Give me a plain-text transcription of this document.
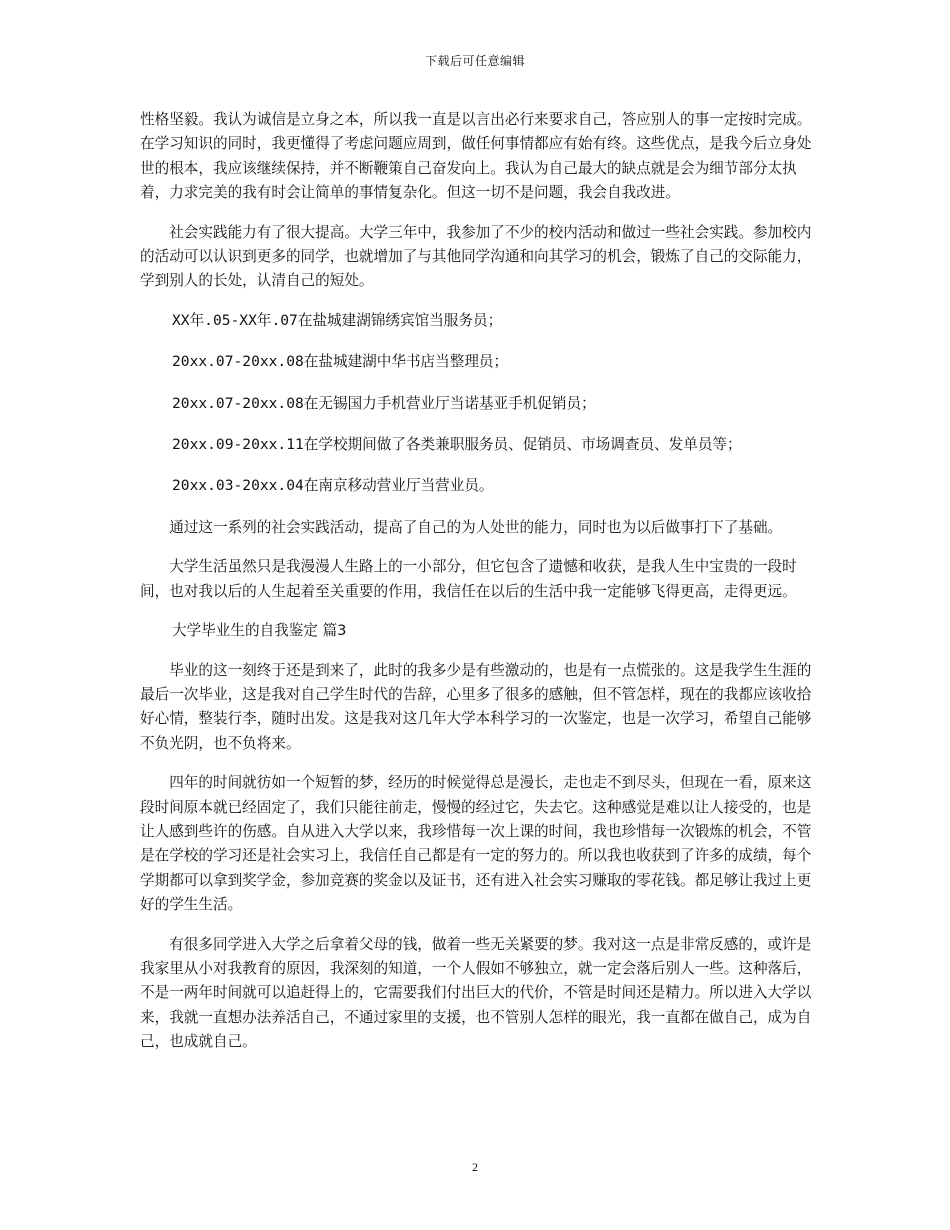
下载后可任意编辑

性格坚毅。我认为诚信是立身之本，所以我一直是以言出必行来要求自己，答应别人的事一定按时完成。在学习知识的同时，我更懂得了考虑问题应周到，做任何事情都应有始有终。这些优点，是我今后立身处世的根本，我应该继续保持，并不断鞭策自己奋发向上。我认为自己最大的缺点就是会为细节部分太执着，力求完美的我有时会让简单的事情复杂化。但这一切不是问题，我会自我改进。

社会实践能力有了很大提高。大学三年中，我参加了不少的校内活动和做过一些社会实践。参加校内的活动可以认识到更多的同学，也就增加了与其他同学沟通和向其学习的机会，锻炼了自己的交际能力，学到别人的长处，认清自己的短处。

XX年.05-XX年.07在盐城建湖锦绣宾馆当服务员；

20xx.07-20xx.08在盐城建湖中华书店当整理员；

20xx.07-20xx.08在无锡国力手机营业厅当诺基亚手机促销员；

20xx.09-20xx.11在学校期间做了各类兼职服务员、促销员、市场调查员、发单员等；

20xx.03-20xx.04在南京移动营业厅当营业员。

通过这一系列的社会实践活动，提高了自己的为人处世的能力，同时也为以后做事打下了基础。

大学生活虽然只是我漫漫人生路上的一小部分，但它包含了遗憾和收获，是我人生中宝贵的一段时间，也对我以后的人生起着至关重要的作用，我信任在以后的生活中我一定能够飞得更高，走得更远。

大学毕业生的自我鉴定 篇3

毕业的这一刻终于还是到来了，此时的我多少是有些激动的，也是有一点慌张的。这是我学生生涯的最后一次毕业，这是我对自己学生时代的告辞，心里多了很多的感触，但不管怎样，现在的我都应该收拾好心情，整装行李，随时出发。这是我对这几年大学本科学习的一次鉴定，也是一次学习，希望自己能够不负光阴，也不负将来。

四年的时间就彷如一个短暂的梦，经历的时候觉得总是漫长，走也走不到尽头，但现在一看，原来这段时间原本就已经固定了，我们只能往前走，慢慢的经过它，失去它。这种感觉是难以让人接受的，也是让人感到些许的伤感。自从进入大学以来，我珍惜每一次上课的时间，我也珍惜每一次锻炼的机会，不管是在学校的学习还是社会实习上，我信任自己都是有一定的努力的。所以我也收获到了许多的成绩，每个学期都可以拿到奖学金，参加竞赛的奖金以及证书，还有进入社会实习赚取的零花钱。都足够让我过上更好的学生生活。

有很多同学进入大学之后拿着父母的钱，做着一些无关紧要的梦。我对这一点是非常反感的，或许是我家里从小对我教育的原因，我深刻的知道，一个人假如不够独立，就一定会落后别人一些。这种落后，不是一两年时间就可以追赶得上的，它需要我们付出巨大的代价，不管是时间还是精力。所以进入大学以来，我就一直想办法养活自己，不通过家里的支援，也不管别人怎样的眼光，我一直都在做自己，成为自己，也成就自己。

2
